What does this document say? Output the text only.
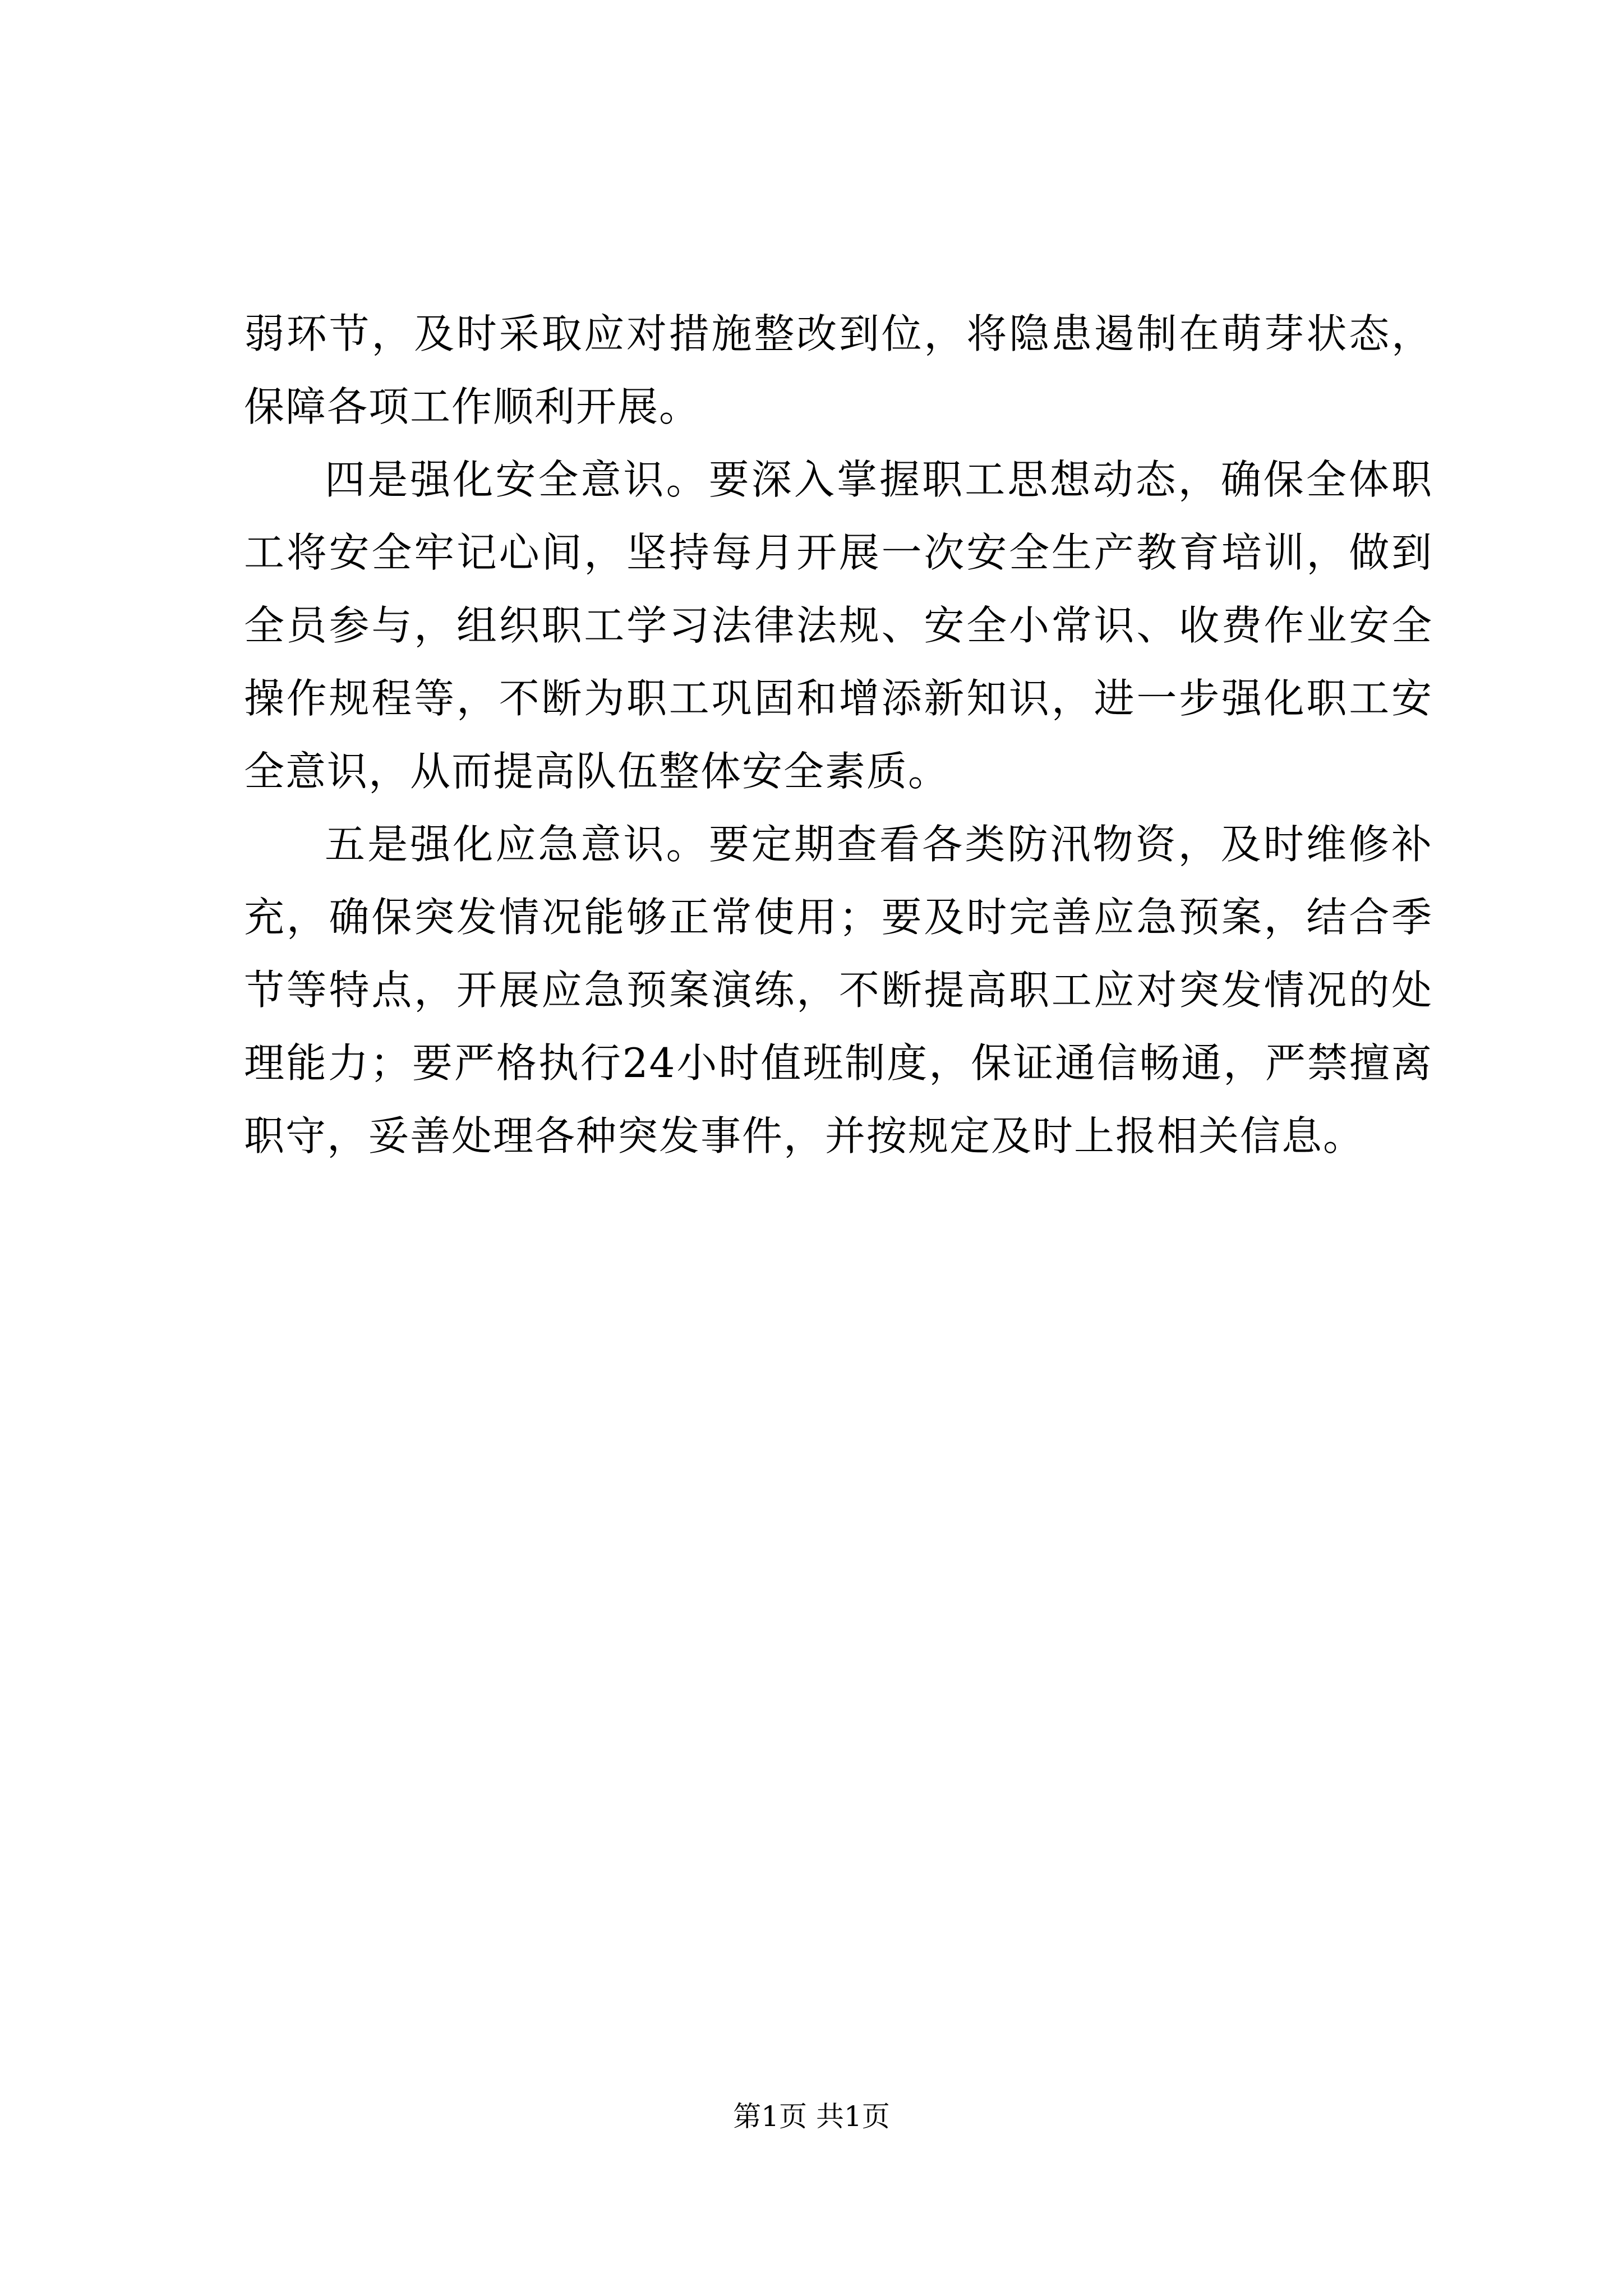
弱环节，及时采取应对措施整改到位，将隐患遏制在萌芽状态，保障各项工作顺利开展。

四是强化安全意识。要深入掌握职工思想动态，确保全体职工将安全牢记心间，坚持每月开展一次安全生产教育培训，做到全员参与，组织职工学习法律法规、安全小常识、收费作业安全操作规程等，不断为职工巩固和增添新知识，进一步强化职工安全意识，从而提高队伍整体安全素质。

五是强化应急意识。要定期查看各类防汛物资，及时维修补充，确保突发情况能够正常使用；要及时完善应急预案，结合季节等特点，开展应急预案演练，不断提高职工应对突发情况的处理能力；要严格执行24小时值班制度，保证通信畅通，严禁擅离职守，妥善处理各种突发事件，并按规定及时上报相关信息。

第1页 共1页
